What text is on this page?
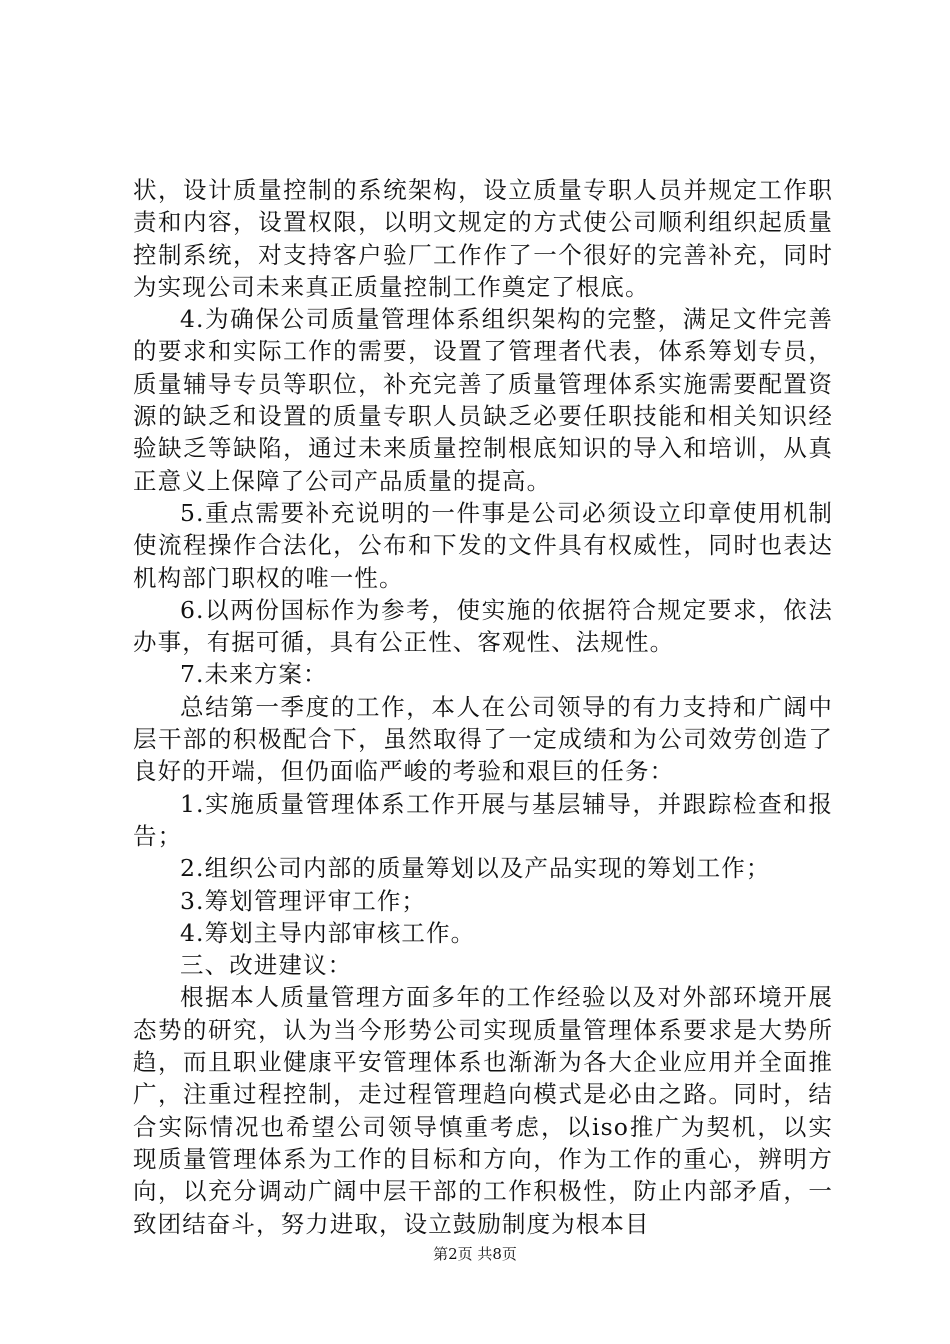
状，设计质量控制的系统架构，设立质量专职人员并规定工作职责和内容，设置权限，以明文规定的方式使公司顺利组织起质量控制系统，对支持客户验厂工作作了一个很好的完善补充，同时为实现公司未来真正质量控制工作奠定了根底。

4.为确保公司质量管理体系组织架构的完整，满足文件完善的要求和实际工作的需要，设置了管理者代表，体系筹划专员，质量辅导专员等职位，补充完善了质量管理体系实施需要配置资源的缺乏和设置的质量专职人员缺乏必要任职技能和相关知识经验缺乏等缺陷，通过未来质量控制根底知识的导入和培训，从真正意义上保障了公司产品质量的提高。

5.重点需要补充说明的一件事是公司必须设立印章使用机制使流程操作合法化，公布和下发的文件具有权威性，同时也表达机构部门职权的唯一性。

6.以两份国标作为参考，使实施的依据符合规定要求，依法办事，有据可循，具有公正性、客观性、法规性。

7.未来方案：

总结第一季度的工作，本人在公司领导的有力支持和广阔中层干部的积极配合下，虽然取得了一定成绩和为公司效劳创造了良好的开端，但仍面临严峻的考验和艰巨的任务：

1.实施质量管理体系工作开展与基层辅导，并跟踪检查和报告；

2.组织公司内部的质量筹划以及产品实现的筹划工作；

3.筹划管理评审工作；

4.筹划主导内部审核工作。

三、改进建议：

根据本人质量管理方面多年的工作经验以及对外部环境开展态势的研究，认为当今形势公司实现质量管理体系要求是大势所趋，而且职业健康平安管理体系也渐渐为各大企业应用并全面推广，注重过程控制，走过程管理趋向模式是必由之路。同时，结合实际情况也希望公司领导慎重考虑，以iso推广为契机，以实现质量管理体系为工作的目标和方向，作为工作的重心，辨明方向，以充分调动广阔中层干部的工作积极性，防止内部矛盾，一致团结奋斗，努力进取，设立鼓励制度为根本目

第2页 共8页
